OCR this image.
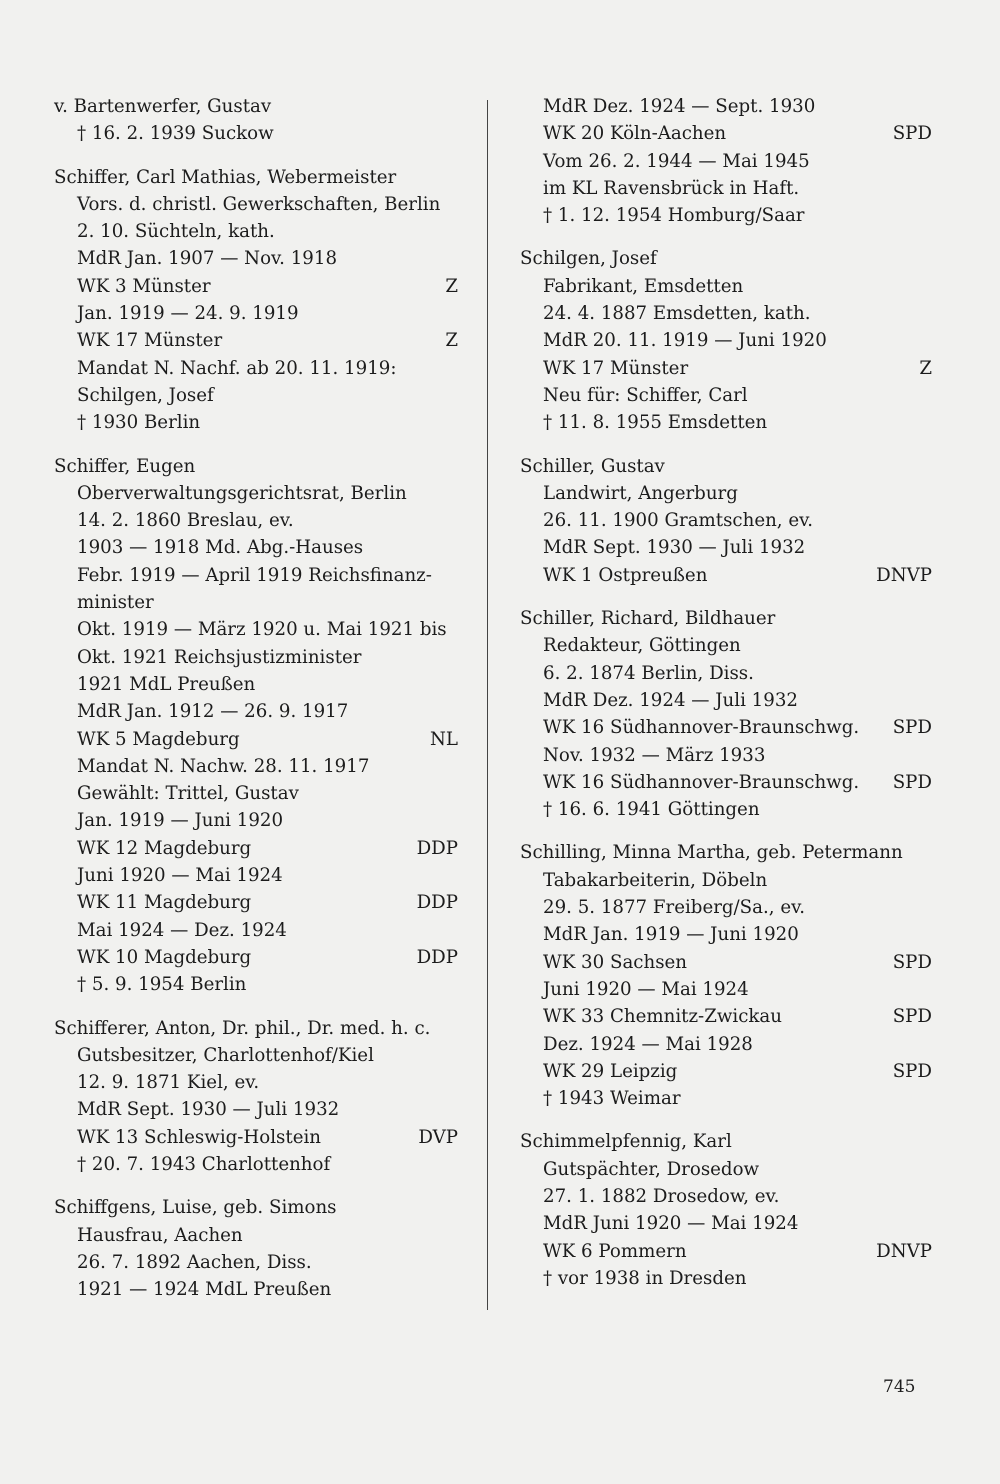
v. Bartenwerfer, Gustav
† 16. 2. 1939 Suckow
Schiffer, Carl Mathias, Webermeister
Vors. d. christl. Gewerkschaften, Berlin
2. 10. Süchteln, kath.
MdR Jan. 1907 — Nov. 1918
WK 3 Münster	Z
Jan. 1919 — 24. 9. 1919
WK 17 Münster	Z
Mandat N. Nachf. ab 20. 11. 1919:
Schilgen, Josef
† 1930 Berlin
Schiffer, Eugen
Oberverwaltungsgerichtsrat, Berlin
14. 2. 1860 Breslau, ev.
1903 — 1918 Md. Abg.-Hauses
Febr. 1919 — April 1919 Reichsfinanz-
minister
Okt. 1919 — März 1920 u. Mai 1921 bis
Okt. 1921 Reichsjustizminister
1921 MdL Preußen
MdR Jan. 1912 — 26. 9. 1917
WK 5 Magdeburg	NL
Mandat N. Nachw. 28. 11. 1917
Gewählt: Trittel, Gustav
Jan. 1919 — Juni 1920
WK 12 Magdeburg	DDP
Juni 1920 — Mai 1924
WK 11 Magdeburg	DDP
Mai 1924 — Dez. 1924
WK 10 Magdeburg	DDP
† 5. 9. 1954 Berlin
Schifferer, Anton, Dr. phil., Dr. med. h. c.
Gutsbesitzer, Charlottenhof/Kiel
12. 9. 1871 Kiel, ev.
MdR Sept. 1930 — Juli 1932
WK 13 Schleswig-Holstein	DVP
† 20. 7. 1943 Charlottenhof
Schiffgens, Luise, geb. Simons
Hausfrau, Aachen
26. 7. 1892 Aachen, Diss.
1921 — 1924 MdL Preußen
MdR Dez. 1924 — Sept. 1930
WK 20 Köln-Aachen	SPD
Vom 26. 2. 1944 — Mai 1945
im KL Ravensbrück in Haft.
† 1. 12. 1954 Homburg/Saar
Schilgen, Josef
Fabrikant, Emsdetten
24. 4. 1887 Emsdetten, kath.
MdR 20. 11. 1919 — Juni 1920
WK 17 Münster	Z
Neu für: Schiffer, Carl
† 11. 8. 1955 Emsdetten
Schiller, Gustav
Landwirt, Angerburg
26. 11. 1900 Gramtschen, ev.
MdR Sept. 1930 — Juli 1932
WK 1 Ostpreußen	DNVP
Schiller, Richard, Bildhauer
Redakteur, Göttingen
6. 2. 1874 Berlin, Diss.
MdR Dez. 1924 — Juli 1932
WK 16 Südhannover-Braunschwg.	SPD
Nov. 1932 — März 1933
WK 16 Südhannover-Braunschwg.	SPD
† 16. 6. 1941 Göttingen
Schilling, Minna Martha, geb. Petermann
Tabakarbeiterin, Döbeln
29. 5. 1877 Freiberg/Sa., ev.
MdR Jan. 1919 — Juni 1920
WK 30 Sachsen	SPD
Juni 1920 — Mai 1924
WK 33 Chemnitz-Zwickau	SPD
Dez. 1924 — Mai 1928
WK 29 Leipzig	SPD
† 1943 Weimar
Schimmelpfennig, Karl
Gutspächter, Drosedow
27. 1. 1882 Drosedow, ev.
MdR Juni 1920 — Mai 1924
WK 6 Pommern	DNVP
† vor 1938 in Dresden
745
